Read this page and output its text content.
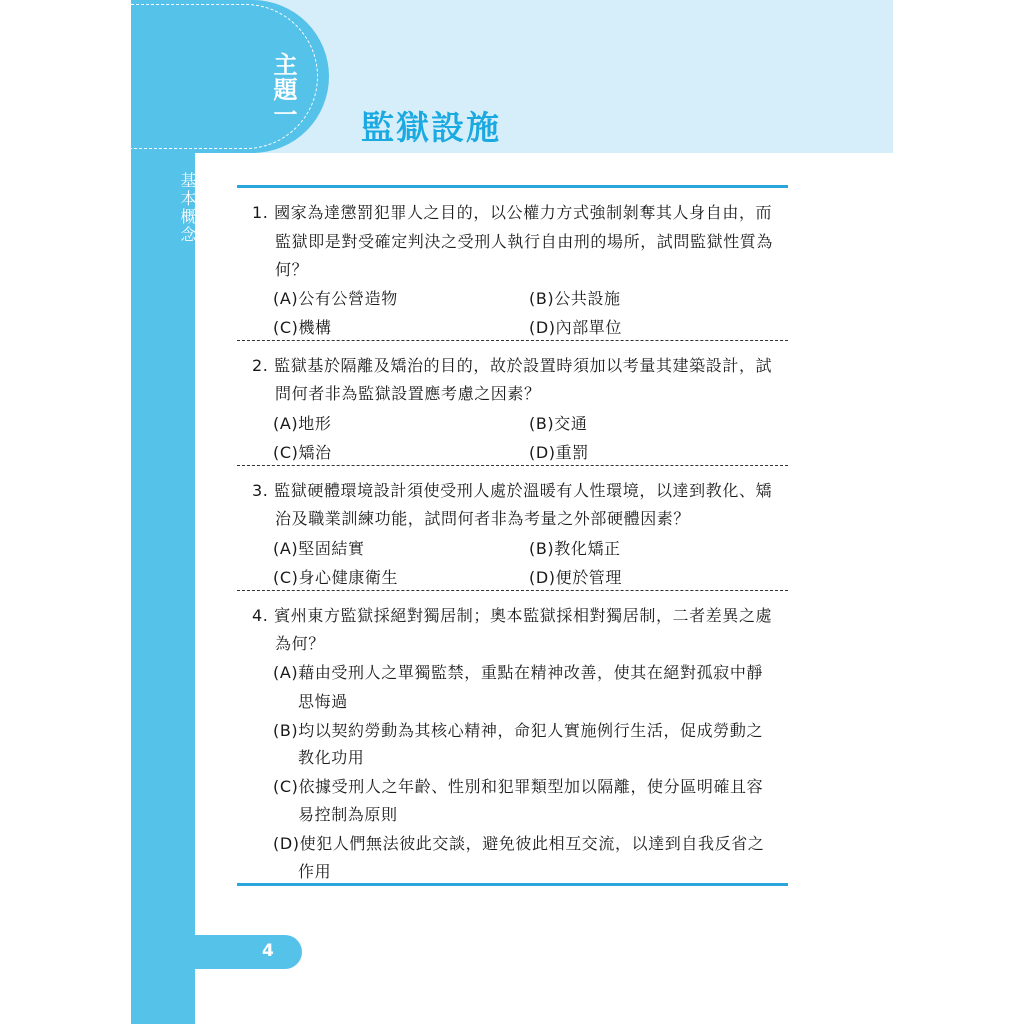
主題一
監獄設施
第一篇
基本概念	1. 國家為達懲罰犯罪人之目的，以公權力方式強制剝奪其人身自由，而
監獄即是對受確定判決之受刑人執行自由刑的場所，試問監獄性質為
何？
(A)公有公營造物	(B)公共設施
(C)機構	(D)內部單位
2. 監獄基於隔離及矯治的目的，故於設置時須加以考量其建築設計，試
問何者非為監獄設置應考慮之因素？
(A)地形	(B)交通
(C)矯治	(D)重罰
3. 監獄硬體環境設計須使受刑人處於溫暖有人性環境，以達到教化、矯
治及職業訓練功能，試問何者非為考量之外部硬體因素？
(A)堅固結實	(B)教化矯正
(C)身心健康衛生	(D)便於管理
4. 賓州東方監獄採絕對獨居制；奧本監獄採相對獨居制，二者差異之處
為何？
(A)藉由受刑人之單獨監禁，重點在精神改善，使其在絕對孤寂中靜
思悔過
(B)均以契約勞動為其核心精神，命犯人實施例行生活，促成勞動之
教化功用
(C)依據受刑人之年齡、性別和犯罪類型加以隔離，使分區明確且容
易控制為原則
(D)使犯人們無法彼此交談，避免彼此相互交流，以達到自我反省之
作用
4
